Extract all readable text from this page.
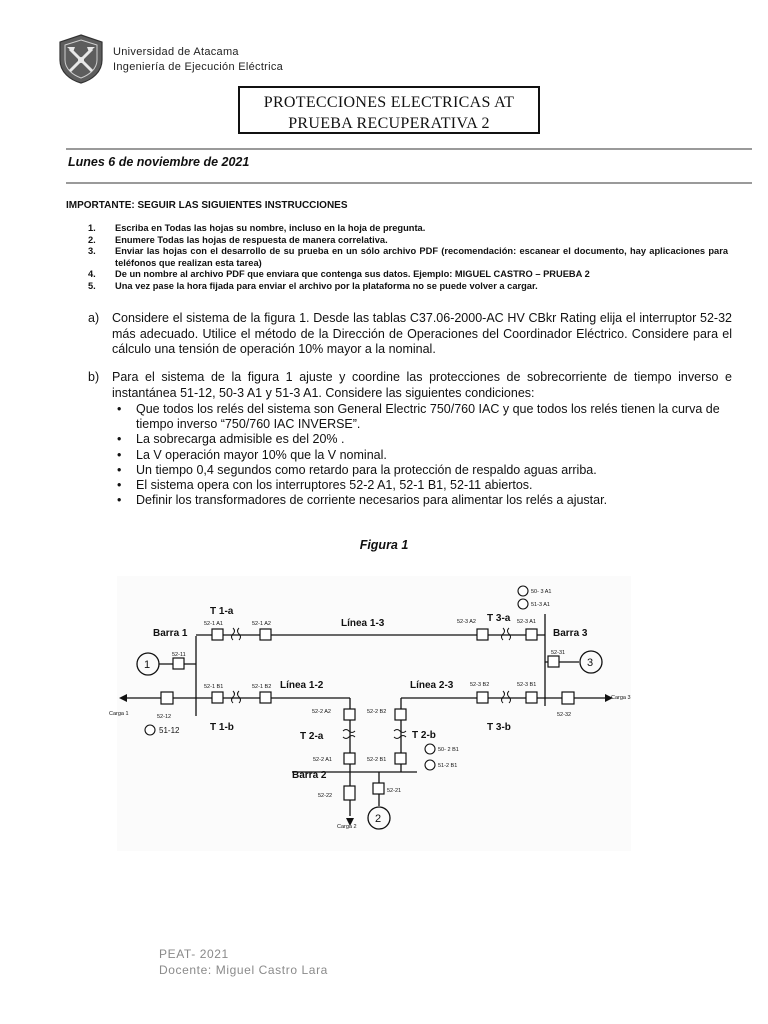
Universidad de Atacama
Ingeniería de Ejecución Eléctrica
PROTECCIONES ELECTRICAS AT
PRUEBA RECUPERATIVA 2
Lunes 6 de noviembre de 2021
IMPORTANTE: SEGUIR LAS SIGUIENTES INSTRUCCIONES
1.	Escriba en Todas las hojas su nombre, incluso en la hoja de pregunta.
2.	Enumere Todas las hojas de respuesta de manera correlativa.
3.	Enviar las hojas con el desarrollo de su prueba en un sólo archivo PDF (recomendación: escanear el documento, hay aplicaciones para teléfonos que realizan esta tarea)
4.	De un nombre al archivo PDF que enviara que contenga sus datos. Ejemplo: MIGUEL CASTRO – PRUEBA 2
5.	Una vez pase la hora fijada para enviar el archivo por la plataforma no se puede volver a cargar.
a) Considere el sistema de la figura 1. Desde las tablas C37.06-2000-AC HV CBkr Rating elija el interruptor 52-32 más adecuado. Utilice el método de la Dirección de Operaciones del Coordinador Eléctrico. Considere para el cálculo una tensión de operación 10% mayor a la nominal.
b) Para el sistema de la figura 1 ajuste y coordine las protecciones de sobrecorriente de tiempo inverso e instantánea 51-12, 50-3 A1 y 51-3 A1. Considere las siguientes condiciones:
•	Que todos los relés del sistema son General Electric 750/760 IAC y que todos los relés tienen la curva de tiempo inverso “750/760 IAC INVERSE”.
•	La sobrecarga admisible es del 20% .
•	La V operación mayor 10% que la V nominal.
•	Un tiempo 0,4 segundos como retardo para la protección de respaldo aguas arriba.
•	El sistema opera con los interruptores 52-2 A1, 52-1 B1, 52-11 abiertos.
•	Definir los transformadores de corriente necesarios para alimentar los relés a ajustar.
Figura 1
T 1-a
T 1-b
T 2-a	T 2-b
T 3-a
T 3-b
Línea 1-3
Línea 1-2	Línea 2-3
Barra 1
Barra 2
Barra 3
1
2
3
Carga 1
Carga 2
Carga 3
52-11
52-12
52-1 A1	52-1 A2
52-1 B1	52-1 B2
52-2 A2
52-2 A1
52-2 B2
52-2 B1
52-21
52-22
52-3 A1
52-3 A2
52-3 B1
52-3 B2
52-31
52-32
50- 3 A1
51-3 A1
50- 2 B1
51-2 B1
51-12
PEAT- 2021
Docente: Miguel Castro Lara
